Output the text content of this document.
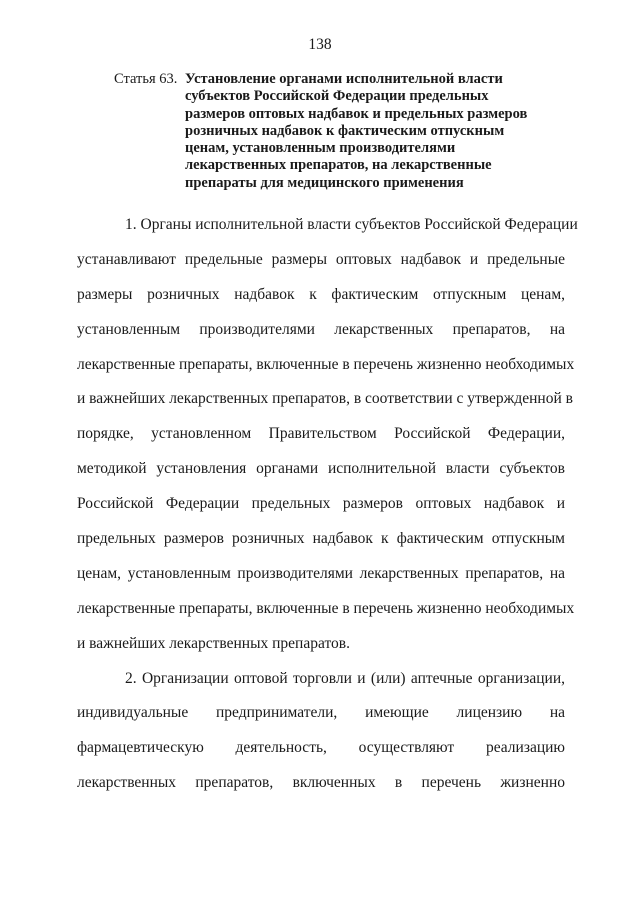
138
Статья 63. Установление органами исполнительной власти
субъектов Российской Федерации предельных
размеров оптовых надбавок и предельных размеров
розничных надбавок к фактическим отпускным
ценам, установленным производителями
лекарственных препаратов, на лекарственные
препараты для медицинского применения
1. Органы исполнительной власти субъектов Российской Федерации
устанавливают предельные размеры оптовых надбавок и предельные
размеры розничных надбавок к фактическим отпускным ценам,
установленным производителями лекарственных препаратов, на
лекарственные препараты, включенные в перечень жизненно необходимых
и важнейших лекарственных препаратов, в соответствии с утвержденной в
порядке, установленном Правительством Российской Федерации,
методикой установления органами исполнительной власти субъектов
Российской Федерации предельных размеров оптовых надбавок и
предельных размеров розничных надбавок к фактическим отпускным
ценам, установленным производителями лекарственных препаратов, на
лекарственные препараты, включенные в перечень жизненно необходимых
и важнейших лекарственных препаратов.
2. Организации оптовой торговли и (или) аптечные организации,
индивидуальные предприниматели, имеющие лицензию на
фармацевтическую деятельность, осуществляют реализацию
лекарственных препаратов, включенных в перечень жизненно
